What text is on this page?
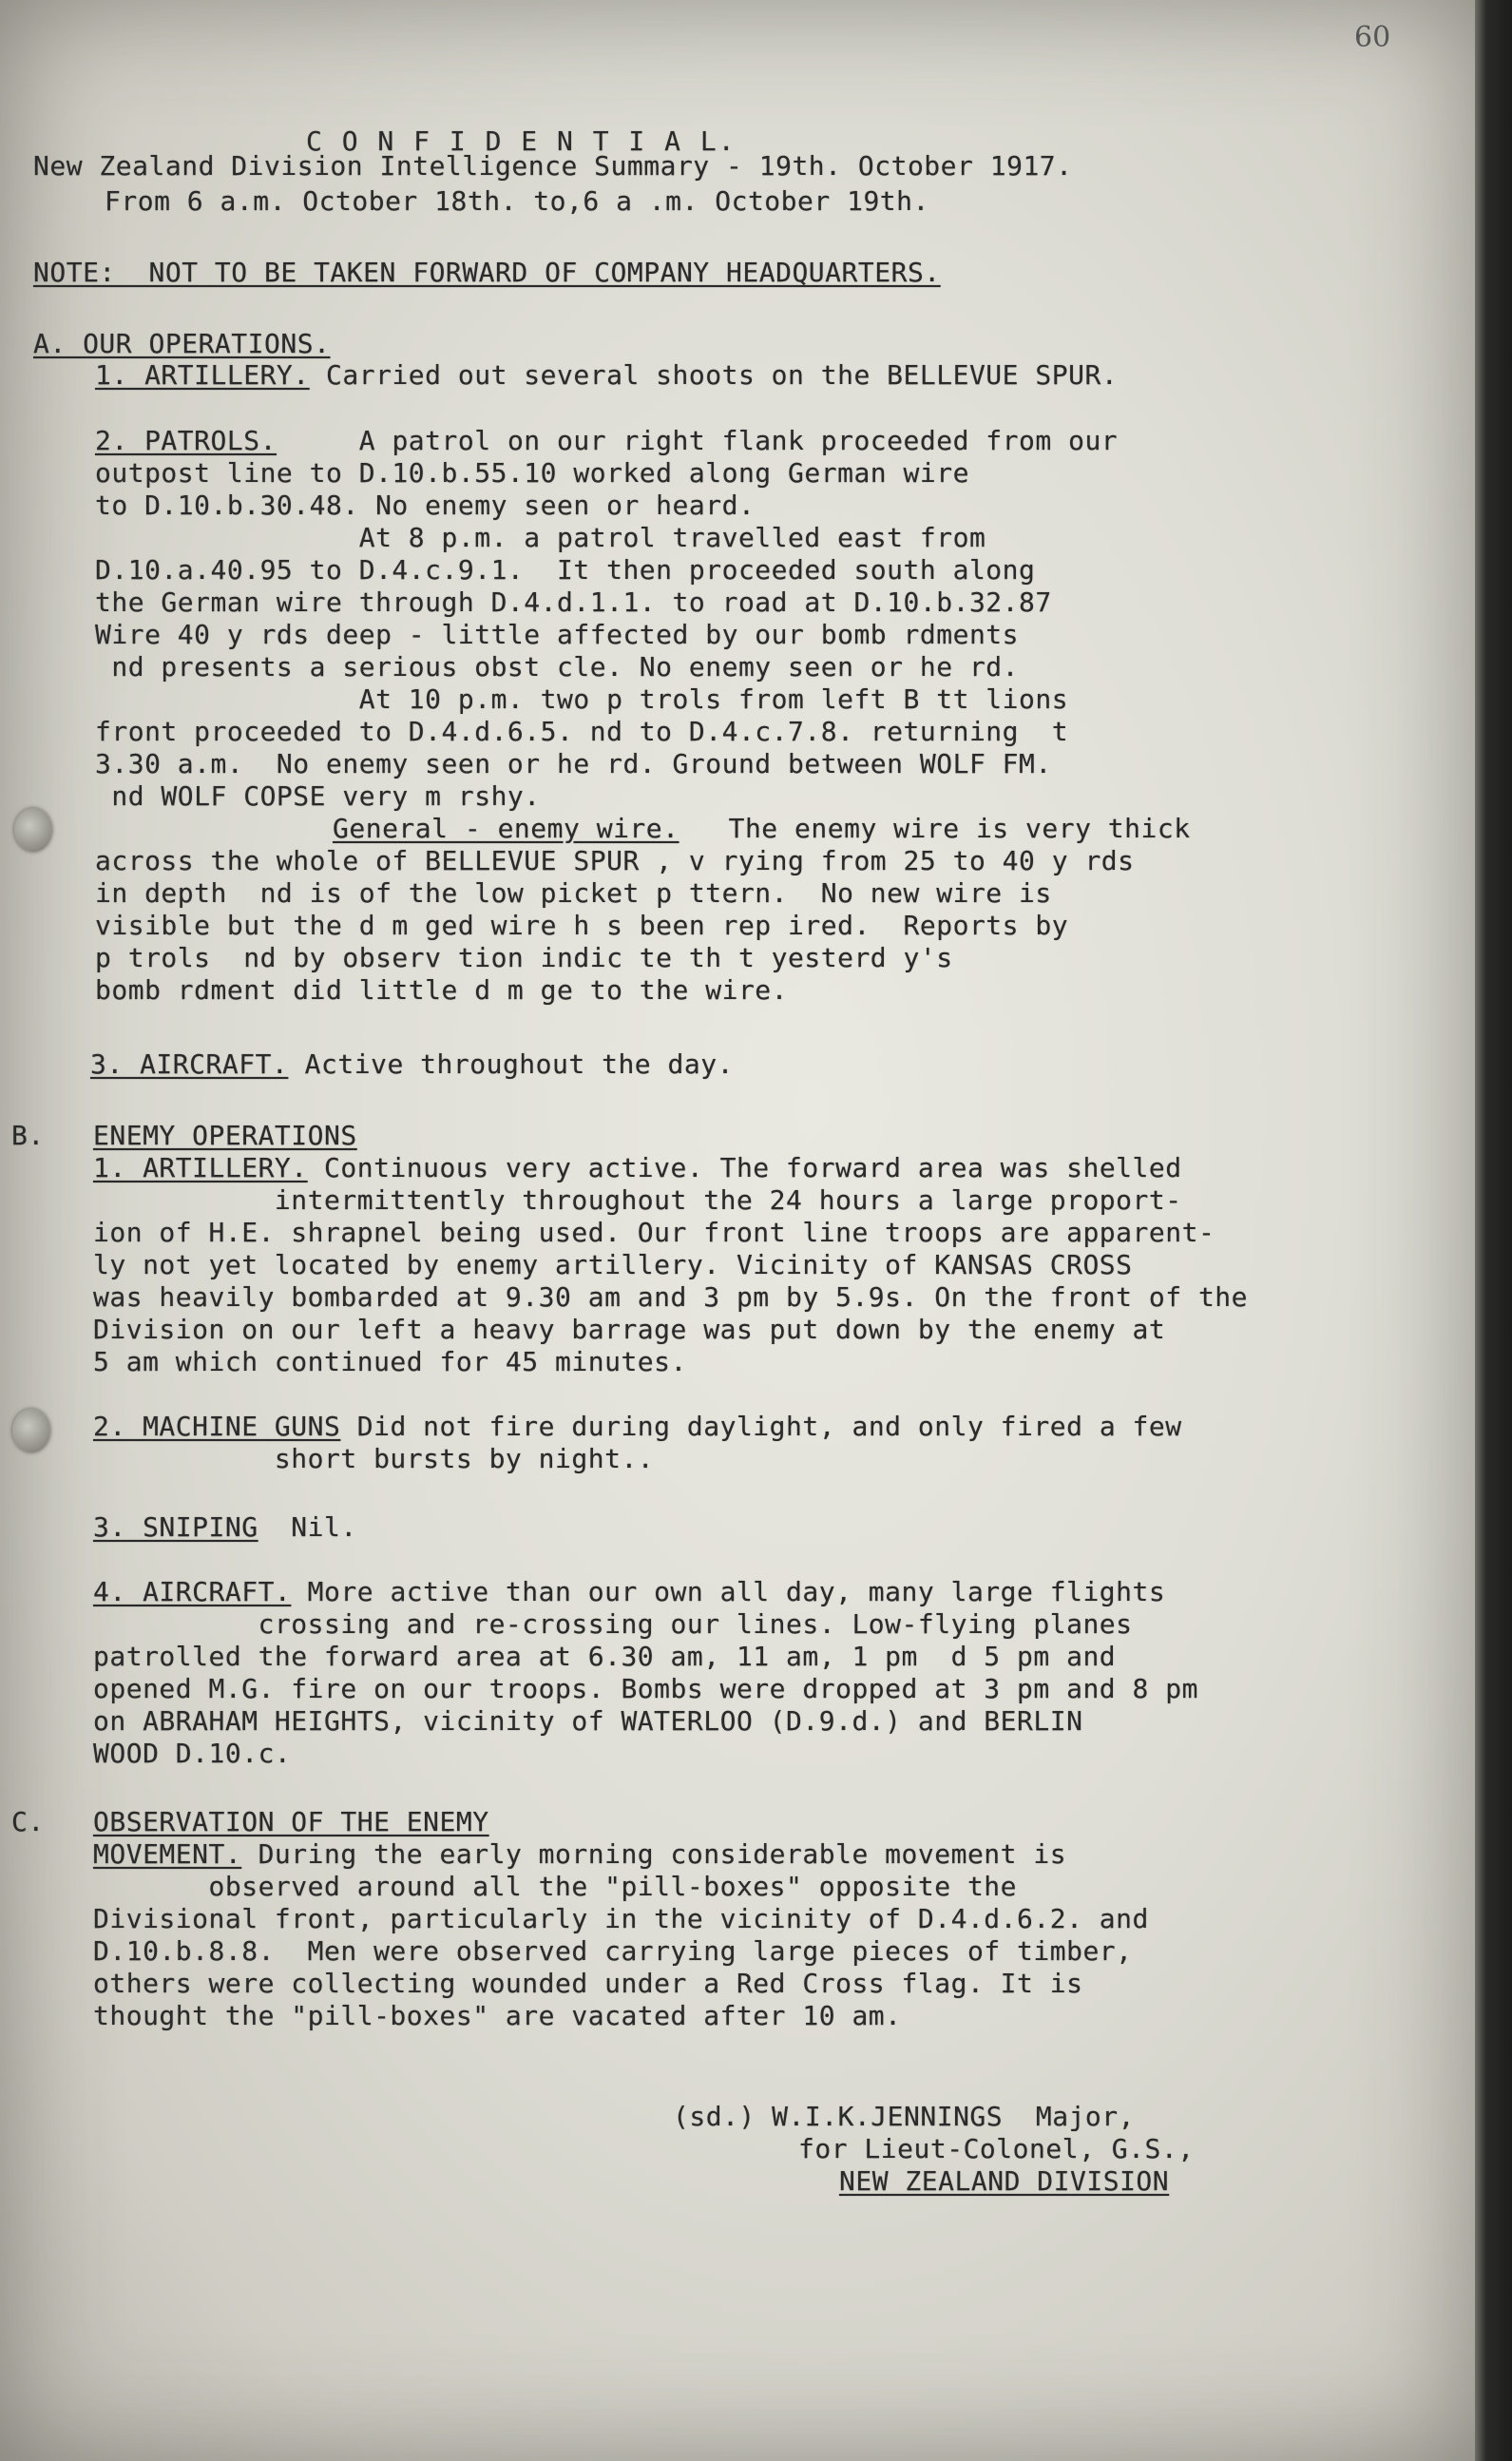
60
C O N F I D E N T I A L.
New Zealand Division Intelligence Summary - 19th. October 1917.
From 6 a.m. October 18th. to,6 a .m. October 19th.
NOTE:  NOT TO BE TAKEN FORWARD OF COMPANY HEADQUARTERS.
A. OUR OPERATIONS.
1. ARTILLERY. Carried out several shoots on the BELLEVUE SPUR.
2. PATROLS.     A patrol on our right flank proceeded from our
outpost line to D.10.b.55.10 worked along German wire
to D.10.b.30.48. No enemy seen or heard.
At 8 p.m. a patrol travelled east from
D.10.a.40.95 to D.4.c.9.1.  It then proceeded south along
the German wire through D.4.d.1.1. to road at D.10.b.32.87
Wire 40 y rds deep - little affected by our bomb rdments
nd presents a serious obst cle. No enemy seen or he rd.
At 10 p.m. two p trols from left B tt lions
front proceeded to D.4.d.6.5. nd to D.4.c.7.8. returning  t
3.30 a.m.  No enemy seen or he rd. Ground between WOLF FM.
nd WOLF COPSE very m rshy.
General - enemy wire.   The enemy wire is very thick
across the whole of BELLEVUE SPUR , v rying from 25 to 40 y rds
in depth  nd is of the low picket p ttern.  No new wire is
visible but the d m ged wire h s been rep ired.  Reports by
p trols  nd by observ tion indic te th t yesterd y's
bomb rdment did little d m ge to the wire.
3. AIRCRAFT. Active throughout the day.
B. ENEMY OPERATIONS
1. ARTILLERY. Continuous very active. The forward area was shelled
intermittently throughout the 24 hours a large proport-
ion of H.E. shrapnel being used. Our front line troops are apparent-
ly not yet located by enemy artillery. Vicinity of KANSAS CROSS
was heavily bombarded at 9.30 am and 3 pm by 5.9s. On the front of the
Division on our left a heavy barrage was put down by the enemy at
5 am which continued for 45 minutes.
2. MACHINE GUNS Did not fire during daylight, and only fired a few
short bursts by night..
3. SNIPING  Nil.
4. AIRCRAFT. More active than our own all day, many large flights
crossing and re-crossing our lines. Low-flying planes
patrolled the forward area at 6.30 am, 11 am, 1 pm  d 5 pm and
opened M.G. fire on our troops. Bombs were dropped at 3 pm and 8 pm
on ABRAHAM HEIGHTS, vicinity of WATERLOO (D.9.d.) and BERLIN
WOOD D.10.c.
C. OBSERVATION OF THE ENEMY
MOVEMENT. During the early morning considerable movement is
observed around all the "pill-boxes" opposite the
Divisional front, particularly in the vicinity of D.4.d.6.2. and
D.10.b.8.8.  Men were observed carrying large pieces of timber,
others were collecting wounded under a Red Cross flag. It is
thought the "pill-boxes" are vacated after 10 am.
(sd.) W.I.K.JENNINGS  Major,
for Lieut-Colonel, G.S.,
NEW ZEALAND DIVISION
